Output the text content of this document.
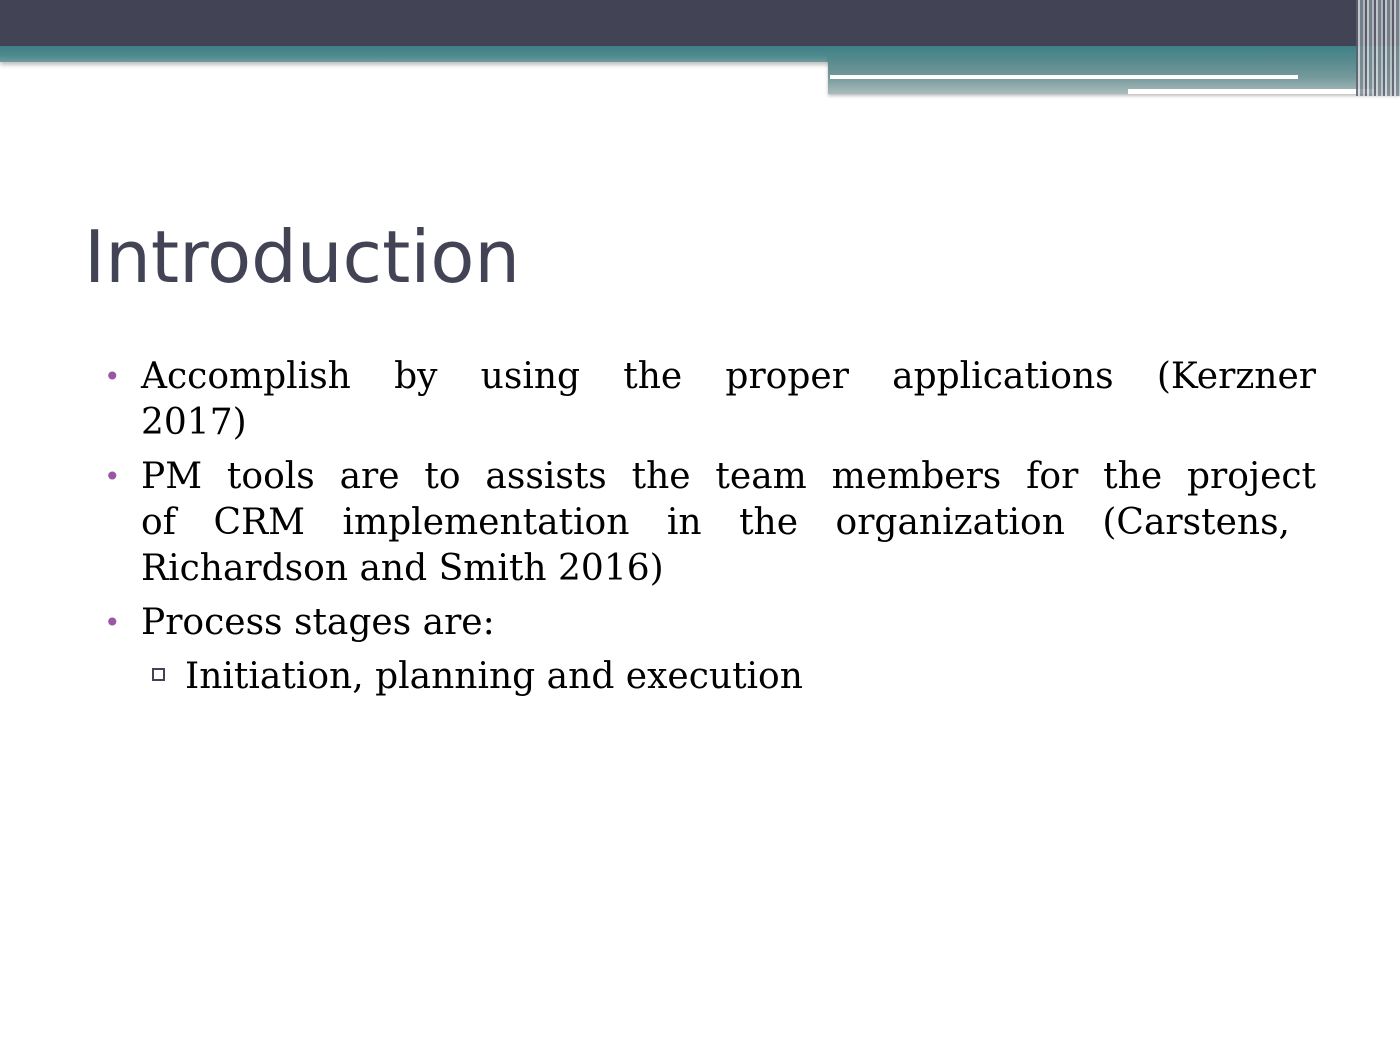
Introduction
• Accomplish by using the proper applications (Kerzner
2017)
• PM tools are to assists the team members for the project
of CRM implementation in the organization (Carstens,
Richardson and Smith 2016)
• Process stages are:
Initiation, planning and execution
